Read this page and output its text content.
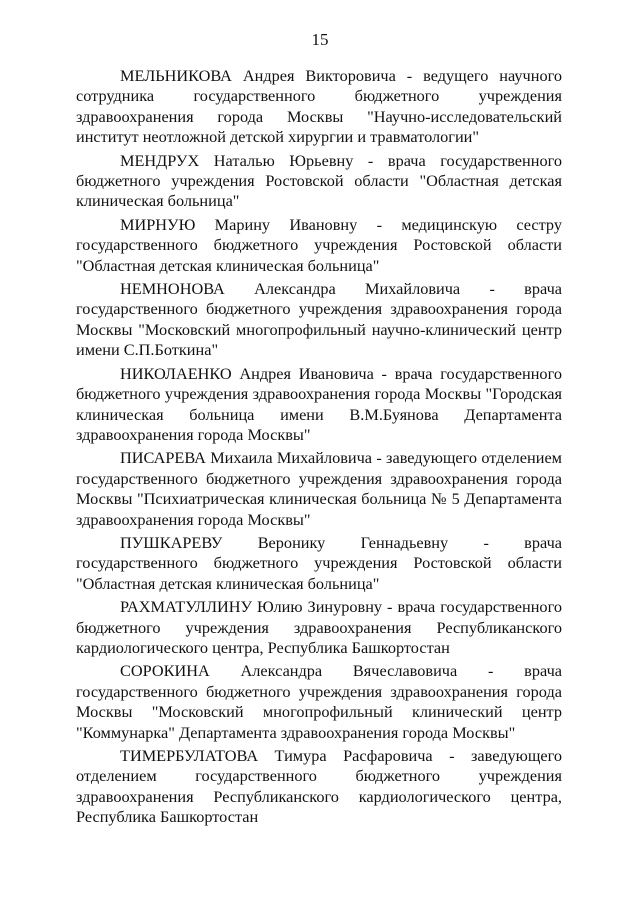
15

МЕЛЬНИКОВА Андрея Викторовича - ведущего научного сотрудника государственного бюджетного учреждения здравоохранения города Москвы "Научно-исследовательский институт неотложной детской хирургии и травматологии"

МЕНДРУХ Наталью Юрьевну - врача государственного бюджетного учреждения Ростовской области "Областная детская клиническая больница"

МИРНУЮ Марину Ивановну - медицинскую сестру государственного бюджетного учреждения Ростовской области "Областная детская клиническая больница"

НЕМНОНОВА Александра Михайловича - врача государственного бюджетного учреждения здравоохранения города Москвы "Московский многопрофильный научно-клинический центр имени С.П.Боткина"

НИКОЛАЕНКО Андрея Ивановича - врача государственного бюджетного учреждения здравоохранения города Москвы "Городская клиническая больница имени В.М.Буянова Департамента здравоохранения города Москвы"

ПИСАРЕВА Михаила Михайловича - заведующего отделением государственного бюджетного учреждения здравоохранения города Москвы "Психиатрическая клиническая больница № 5 Департамента здравоохранения города Москвы"

ПУШКАРЕВУ Веронику Геннадьевну - врача государственного бюджетного учреждения Ростовской области "Областная детская клиническая больница"

РАХМАТУЛЛИНУ Юлию Зинуровну - врача государственного бюджетного учреждения здравоохранения Республиканского кардиологического центра, Республика Башкортостан

СОРОКИНА Александра Вячеславовича - врача государственного бюджетного учреждения здравоохранения города Москвы "Московский многопрофильный клинический центр "Коммунарка" Департамента здравоохранения города Москвы"

ТИМЕРБУЛАТОВА Тимура Расфаровича - заведующего отделением государственного бюджетного учреждения здравоохранения Республиканского кардиологического центра, Республика Башкортостан
